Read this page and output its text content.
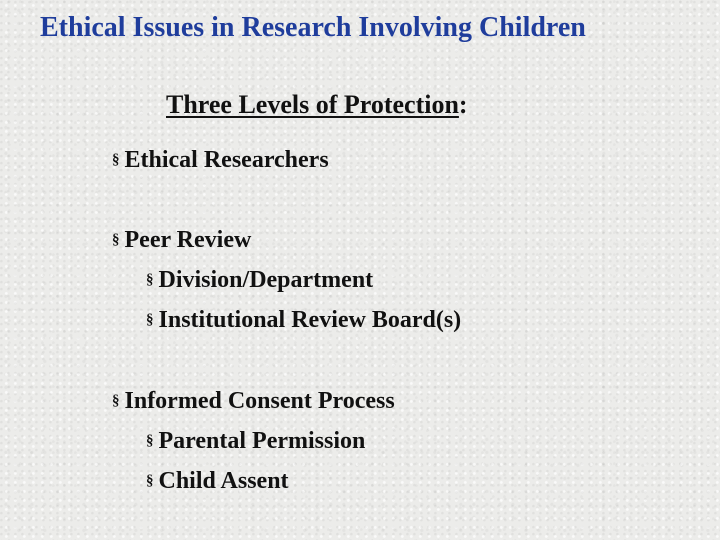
Ethical Issues in Research Involving Children
Three Levels of Protection:
§ Ethical Researchers
§ Peer Review
§ Division/Department
§ Institutional Review Board(s)
§ Informed Consent Process
§ Parental Permission
§ Child Assent
